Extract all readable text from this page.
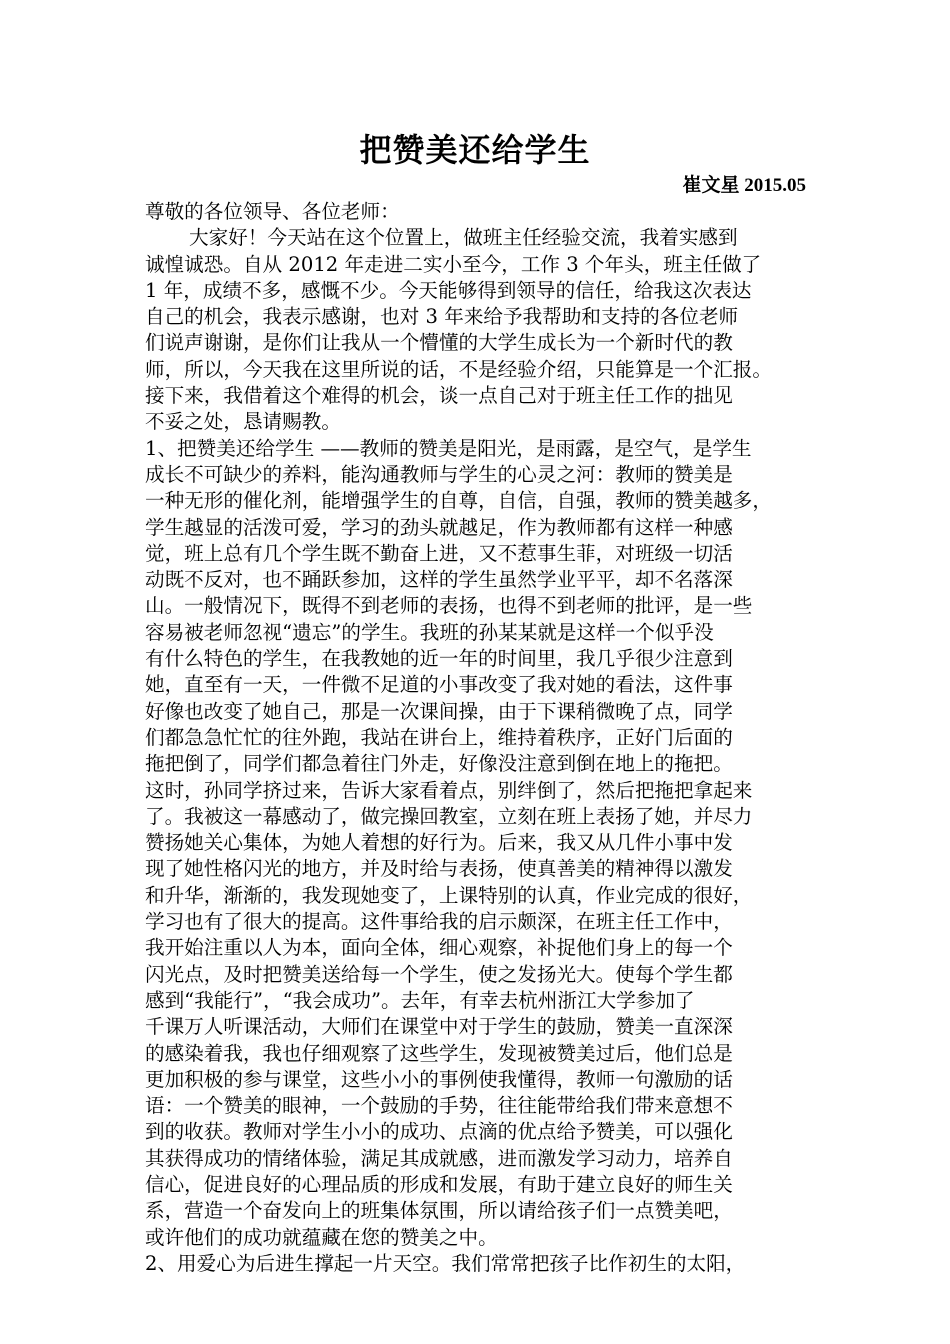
把赞美还给学生
崔文星 2015.05
尊敬的各位领导、各位老师：
大家好！今天站在这个位置上，做班主任经验交流，我着实感到
诚惶诚恐。自从 2012 年走进二实小至今，工作 3 个年头，班主任做了
1 年，成绩不多，感慨不少。今天能够得到领导的信任，给我这次表达
自己的机会，我表示感谢，也对 3 年来给予我帮助和支持的各位老师
们说声谢谢，是你们让我从一个懵懂的大学生成长为一个新时代的教
师，所以，今天我在这里所说的话，不是经验介绍，只能算是一个汇报。
接下来，我借着这个难得的机会，谈一点自己对于班主任工作的拙见
不妥之处，恳请赐教。
1、把赞美还给学生 ——教师的赞美是阳光，是雨露，是空气，是学生
成长不可缺少的养料，能沟通教师与学生的心灵之河：教师的赞美是
一种无形的催化剂，能增强学生的自尊，自信，自强，教师的赞美越多，
学生越显的活泼可爱，学习的劲头就越足，作为教师都有这样一种感
觉，班上总有几个学生既不勤奋上进，又不惹事生菲，对班级一切活
动既不反对，也不踊跃参加，这样的学生虽然学业平平，却不名落深
山。一般情况下，既得不到老师的表扬，也得不到老师的批评，是一些
容易被老师忽视“遗忘”的学生。我班的孙某某就是这样一个似乎没
有什么特色的学生，在我教她的近一年的时间里，我几乎很少注意到
她，直至有一天，一件微不足道的小事改变了我对她的看法，这件事
好像也改变了她自己，那是一次课间操，由于下课稍微晚了点，同学
们都急急忙忙的往外跑，我站在讲台上，维持着秩序，正好门后面的
拖把倒了，同学们都急着往门外走，好像没注意到倒在地上的拖把。
这时，孙同学挤过来，告诉大家看着点，别绊倒了，然后把拖把拿起来
了。我被这一幕感动了，做完操回教室，立刻在班上表扬了她，并尽力
赞扬她关心集体，为她人着想的好行为。后来，我又从几件小事中发
现了她性格闪光的地方，并及时给与表扬，使真善美的精神得以激发
和升华，渐渐的，我发现她变了，上课特别的认真，作业完成的很好，
学习也有了很大的提高。这件事给我的启示颇深，在班主任工作中，
我开始注重以人为本，面向全体，细心观察，补捉他们身上的每一个
闪光点，及时把赞美送给每一个学生，使之发扬光大。使每个学生都
感到“我能行”，“我会成功”。去年，有幸去杭州浙江大学参加了
千课万人听课活动，大师们在课堂中对于学生的鼓励，赞美一直深深
的感染着我，我也仔细观察了这些学生，发现被赞美过后，他们总是
更加积极的参与课堂，这些小小的事例使我懂得，教师一句激励的话
语：一个赞美的眼神，一个鼓励的手势，往往能带给我们带来意想不
到的收获。教师对学生小小的成功、点滴的优点给予赞美，可以强化
其获得成功的情绪体验，满足其成就感，进而激发学习动力，培养自
信心，促进良好的心理品质的形成和发展，有助于建立良好的师生关
系，营造一个奋发向上的班集体氛围，所以请给孩子们一点赞美吧，
或许他们的成功就蕴藏在您的赞美之中。
2、用爱心为后进生撑起一片天空。我们常常把孩子比作初生的太阳，
